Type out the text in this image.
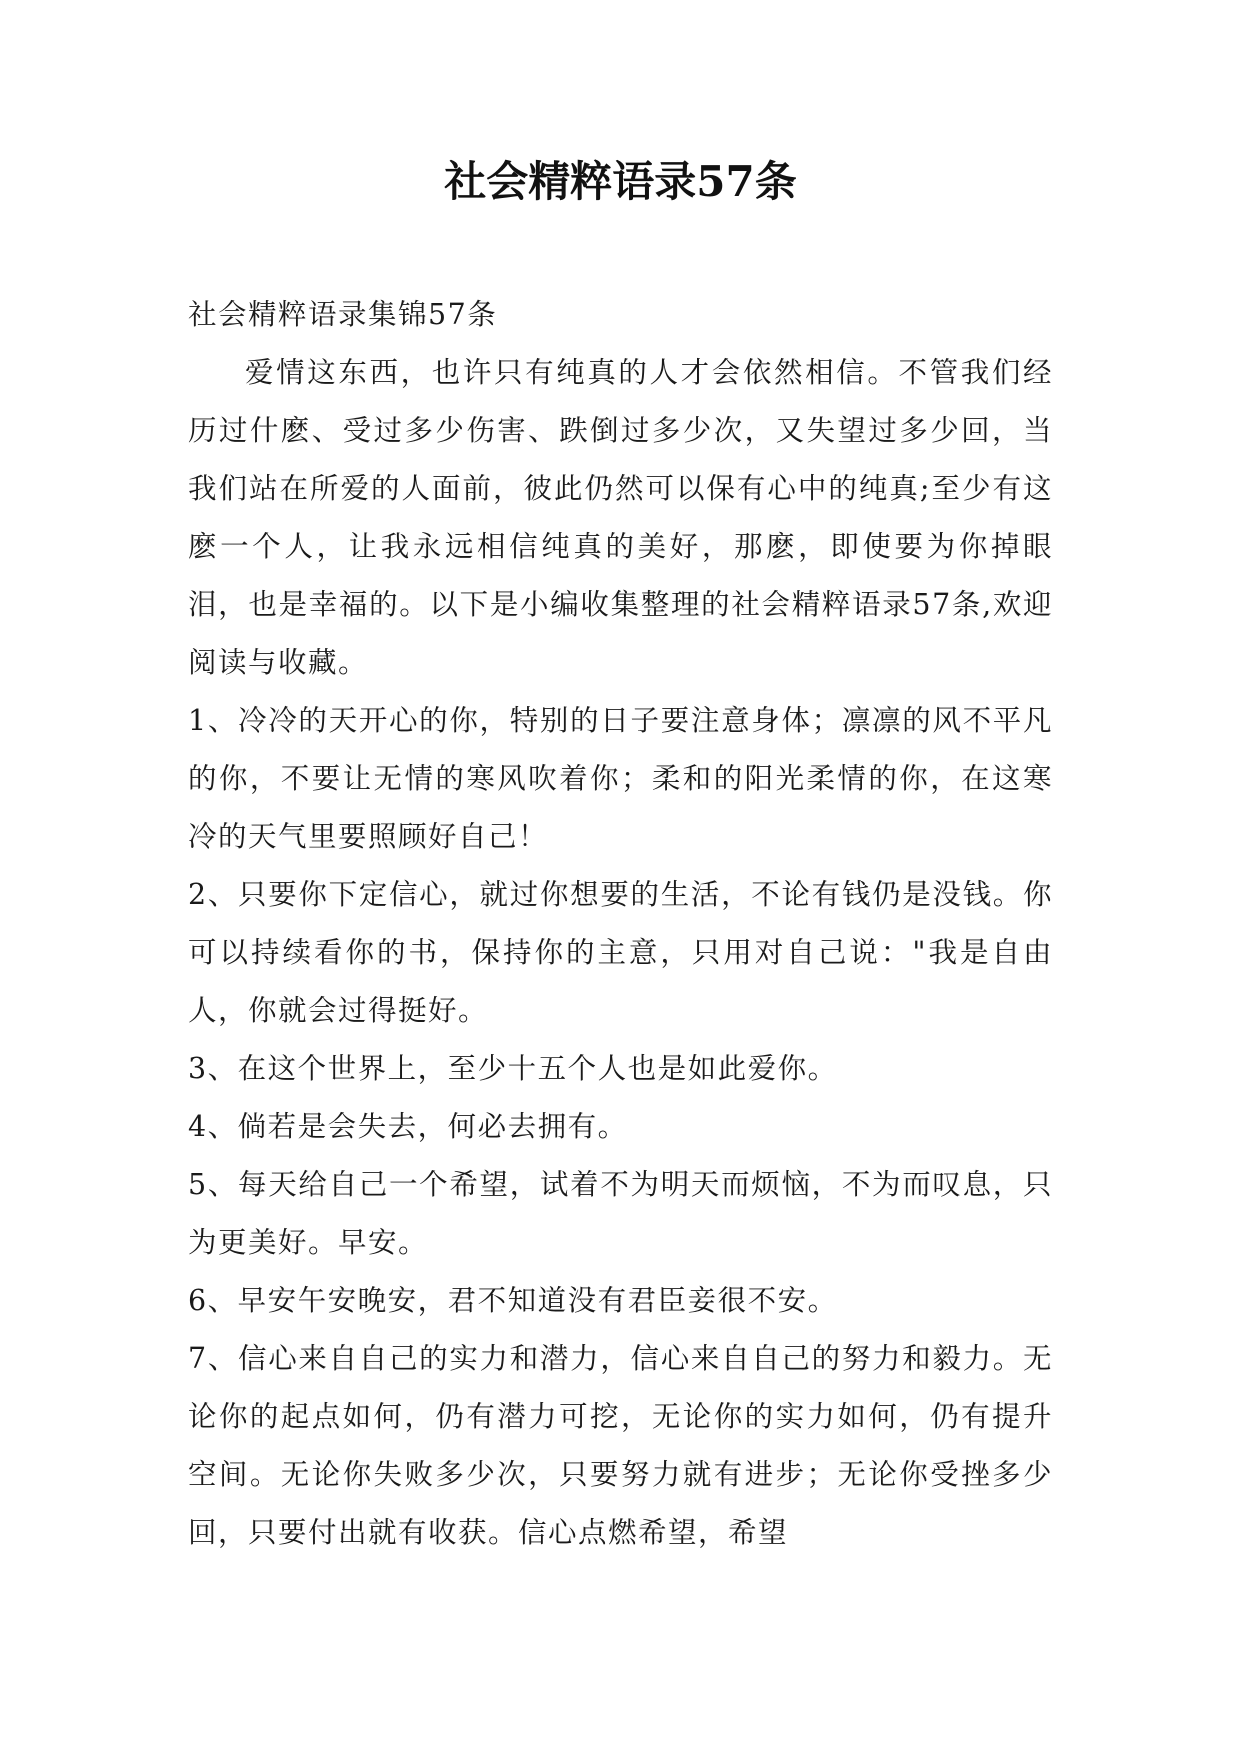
社会精粹语录57条

社会精粹语录集锦57条

爱情这东西，也许只有纯真的人才会依然相信。不管我们经历过什麽、受过多少伤害、跌倒过多少次，又失望过多少回，当我们站在所爱的人面前，彼此仍然可以保有心中的纯真;至少有这麽一个人，让我永远相信纯真的美好，那麽，即使要为你掉眼泪，也是幸福的。以下是小编收集整理的社会精粹语录57条,欢迎阅读与收藏。

1、冷冷的天开心的你，特别的日子要注意身体；凛凛的风不平凡的你，不要让无情的寒风吹着你；柔和的阳光柔情的你，在这寒冷的天气里要照顾好自己！

2、只要你下定信心，就过你想要的生活，不论有钱仍是没钱。你可以持续看你的书，保持你的主意，只用对自己说："我是自由人，你就会过得挺好。

3、在这个世界上，至少十五个人也是如此爱你。

4、倘若是会失去，何必去拥有。

5、每天给自己一个希望，试着不为明天而烦恼，不为而叹息，只为更美好。早安。

6、早安午安晚安，君不知道没有君臣妾很不安。

7、信心来自自己的实力和潜力，信心来自自己的努力和毅力。无论你的起点如何，仍有潜力可挖，无论你的实力如何，仍有提升空间。无论你失败多少次，只要努力就有进步；无论你受挫多少回，只要付出就有收获。信心点燃希望，希望
